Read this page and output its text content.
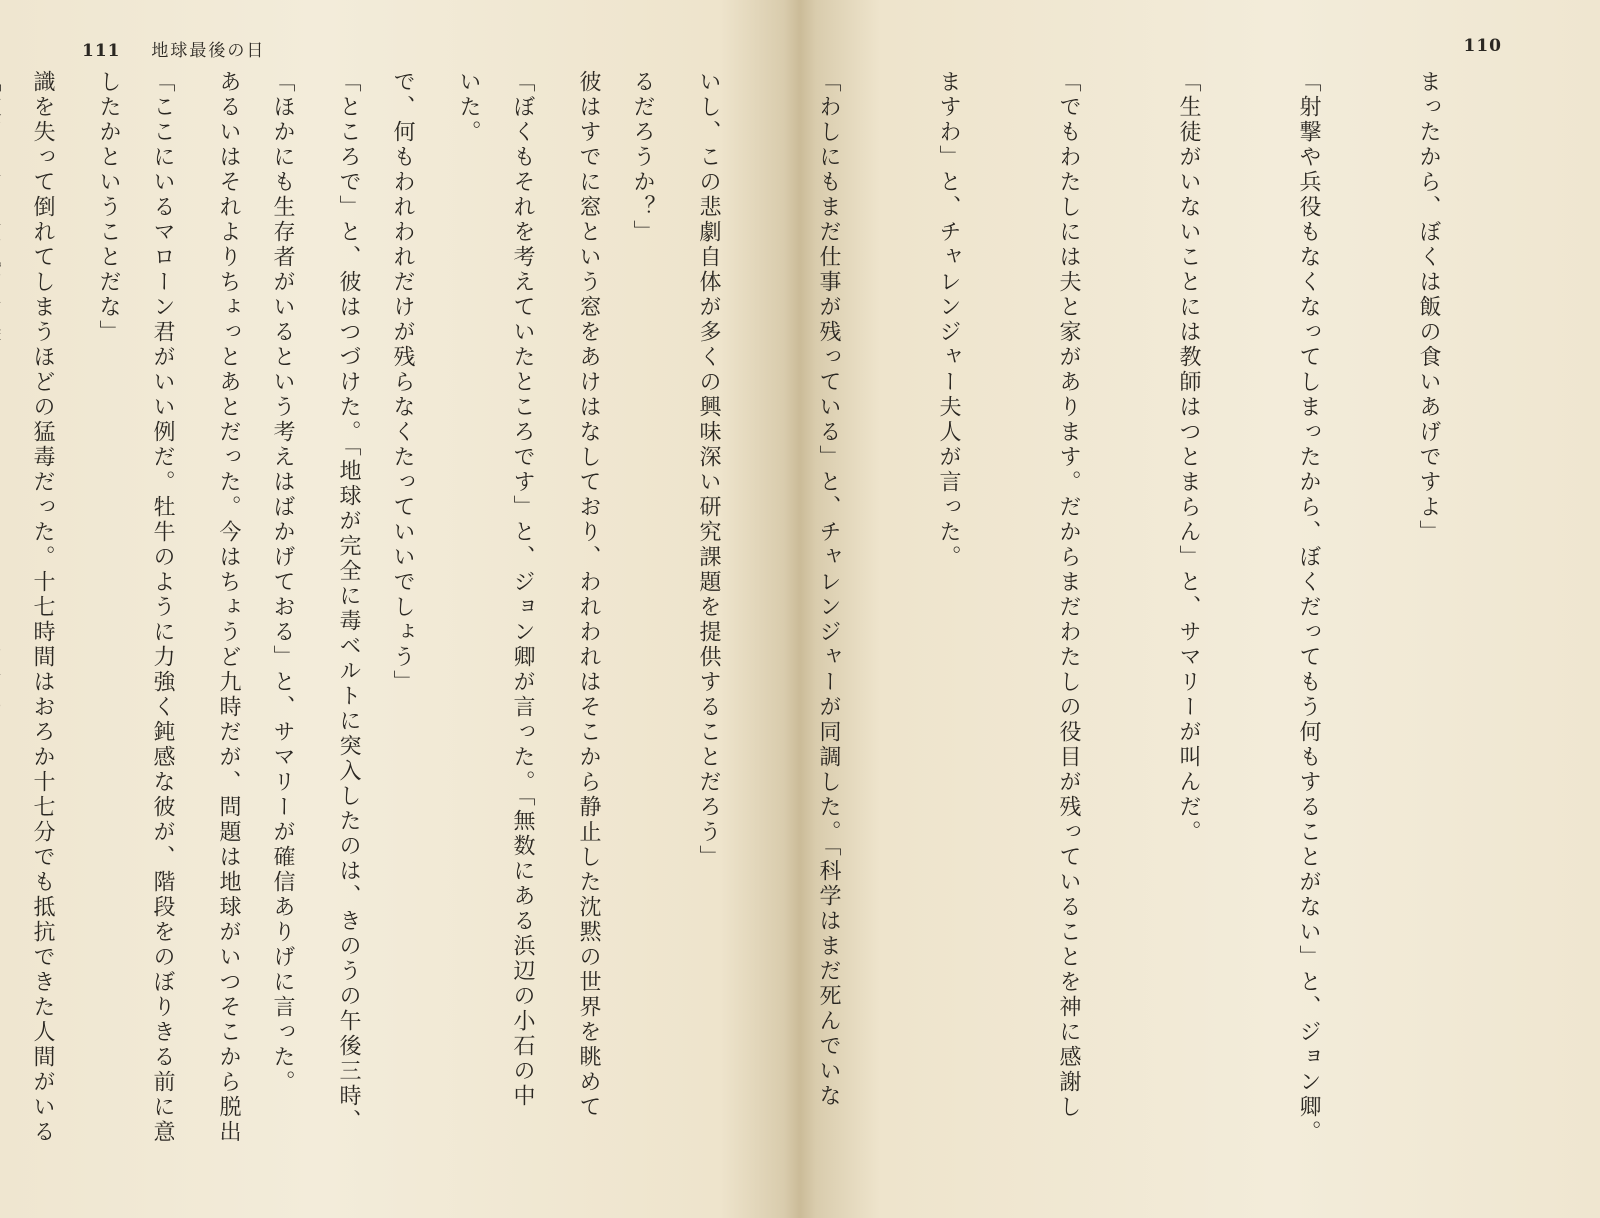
111 地球最後の日

るだろうか？」

「ぼくもそれを考えていたところです」と、ジョン卿が言った。「無数にある浜辺の小石の中

で、何もわれわれだけが残らなくたっていいでしょう」

「ほかにも生存者がいるという考えはばかげておる」と、サマリーが確信ありげに言った。

「ここにいるマローン君がいい例だ。牡牛のように力強く鈍感な彼が、階段をのぼりきる前に意

識を失って倒れてしまうほどの猛毒だった。十七時間はおろか十七分でも抵抗できた人間がいる

110

まったから、ぼくは飯の食いあげですよ」

「射撃や兵役もなくなってしまったから、ぼくだってもう何もすることがない」と、ジョン卿。

「生徒がいないことには教師はつとまらん」と、サマリーが叫んだ。

「でもわたしには夫と家があります。だからまだわたしの役目が残っていることを神に感謝し

ますわ」と、チャレンジャー夫人が言った。

「わしにもまだ仕事が残っている」と、チャレンジャーが同調した。「科学はまだ死んでいな

いし、この悲劇自体が多くの興味深い研究課題を提供することだろう」

彼はすでに窓という窓をあけはなしており、われわれはそこから静止した沈黙の世界を眺めて

いた。

「ところで」と、彼はつづけた。「地球が完全に毒ベルトに突入したのは、きのうの午後三時、

あるいはそれよりちょっとあとだった。今はちょうど九時だが、問題は地球がいつそこから脱出

したかということだな」
